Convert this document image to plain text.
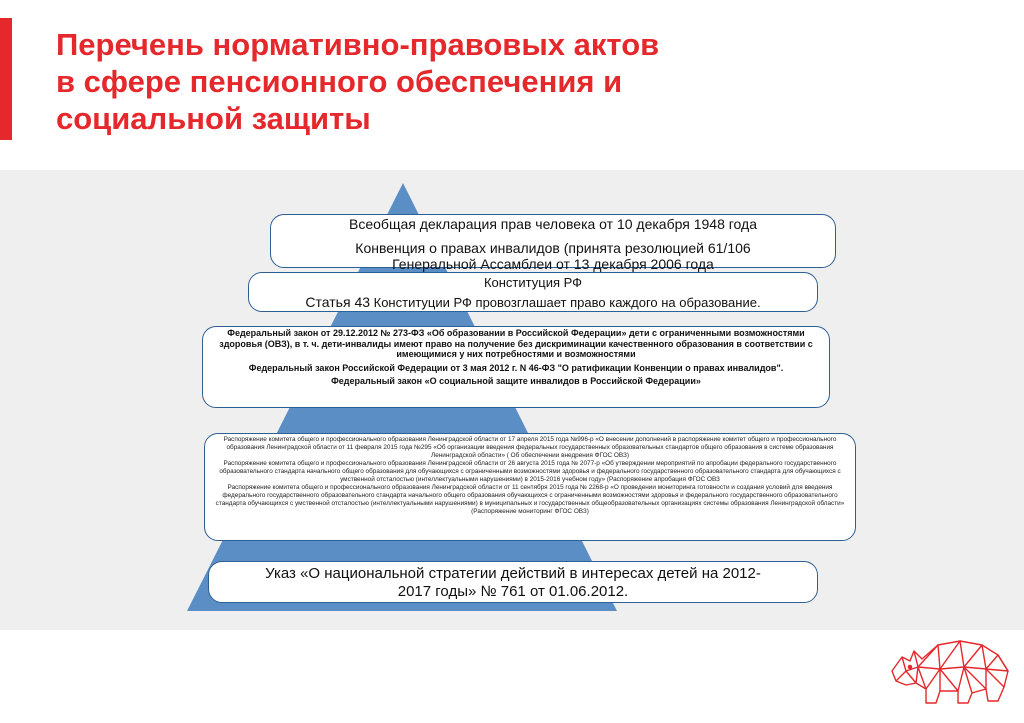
Перечень нормативно-правовых актов
в сфере пенсионного обеспечения и
социальной защиты

Всеобщая декларация прав человека от 10 декабря 1948 года

Конвенция о правах инвалидов (принята резолюцией 61/106

Генеральной Ассамблеи от 13 декабря 2006 года

Конституция РФ

Статья 43 Конституции РФ провозглашает право каждого на образование.

Федеральный закон от 29.12.2012 № 273-ФЗ «Об образовании в Российской Федерации» дети с ограниченными возможностями здоровья (ОВЗ), в т. ч. дети-инвалиды имеют право на получение без дискриминации качественного образования в соответствии с имеющимися у них потребностями и возможностями

Федеральный закон Российской Федерации от 3 мая 2012 г. N 46-ФЗ "О ратификации Конвенции о правах инвалидов".

Федеральный закон «О социальной защите инвалидов в Российской Федерации»

Распоряжение комитета общего и профессионального образования Ленинградской области от 17 апреля 2015 года №996-р «О внесении дополнений в распоряжение комитет общего и профессионального образования Ленинградской области от 11 февраля 2015 года №295 «Об организации введения федеральных государственных образовательных стандартов общего образования в системе образования Ленинградской области» ( Об обеспечении внедрения ФГОС ОВЗ)

Распоряжение комитета общего и профессионального образования Ленинградской области от 26 августа 2015 года № 2077-р «Об утверждении мероприятий по апробации федерального государственного образовательного стандарта начального общего образования для обучающихся с ограниченными возможностями здоровья и федерального государственного образовательного стандарта для обучающихся с умственной отсталостью (интеллектуальными нарушениями) в 2015-2016 учебном году» (Распоряжение апробация ФГОС ОВЗ

Распоряжение комитета общего и профессионального образования Ленинградской области от 11 сентября 2015 года № 2268-р «О проведении мониторинга готовности и создания условий для введения федерального государственного образовательного стандарта начального общего образования обучающихся с ограниченными возможностями здоровья и федерального государственного образовательного стандарта обучающихся с умственной отсталостью (интеллектуальными нарушениями) в муниципальных и государственных общеобразовательных организациях системы образования Ленинградской области» (Распоряжение мониторинг ФГОС ОВЗ)

Указ «О национальной стратегии действий в интересах детей на 2012-

2017 годы» № 761 от 01.06.2012.
